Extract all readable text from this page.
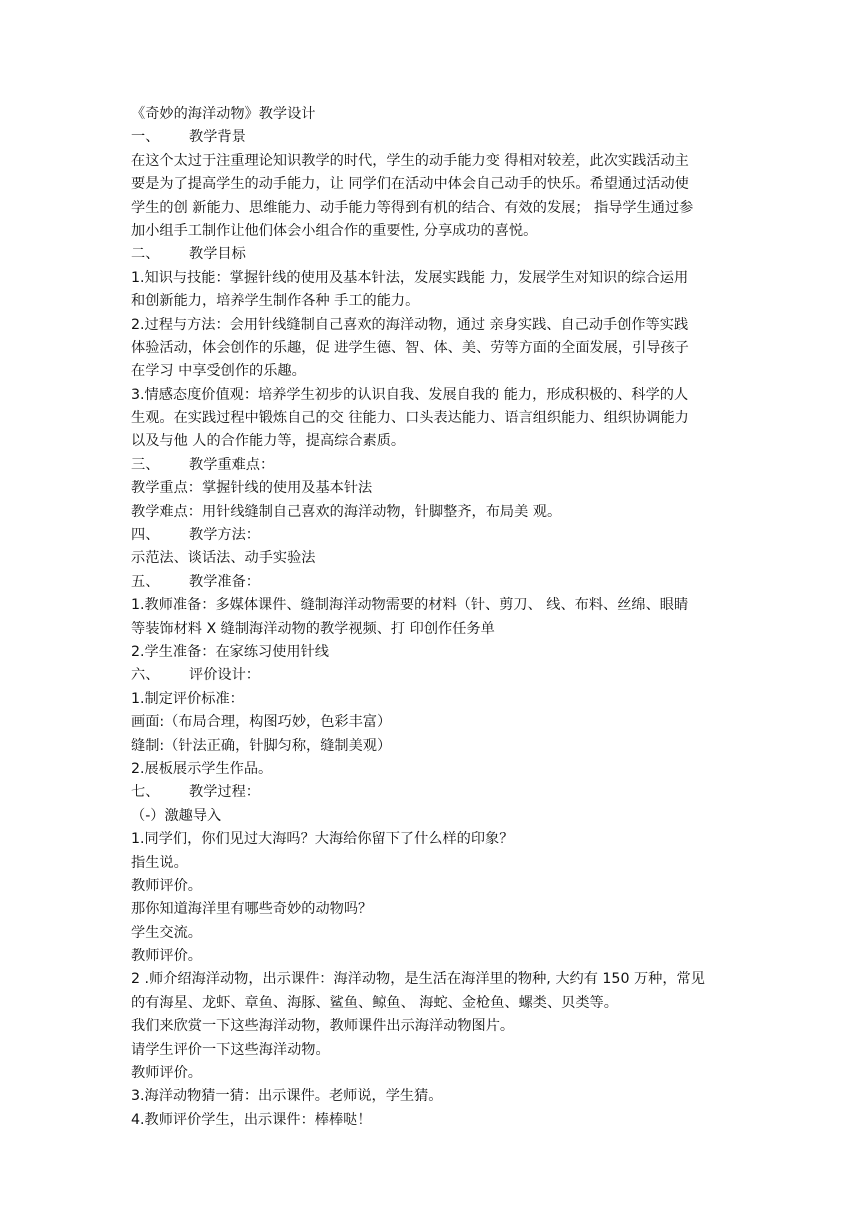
《奇妙的海洋动物》教学设计
一、	教学背景
在这个太过于注重理论知识教学的时代，学生的动手能力变 得相对较差，此次实践活动主
要是为了提高学生的动手能力，让 同学们在活动中体会自己动手的快乐。希望通过活动使
学生的创 新能力、思维能力、动手能力等得到有机的结合、有效的发展； 指导学生通过参
加小组手工制作让他们体会小组合作的重要性, 分享成功的喜悦。
二、	教学目标
1.知识与技能：掌握针线的使用及基本针法，发展实践能 力，发展学生对知识的综合运用
和创新能力，培养学生制作各种 手工的能力。
2.过程与方法：会用针线缝制自己喜欢的海洋动物，通过 亲身实践、自己动手创作等实践
体验活动，体会创作的乐趣，促 进学生德、智、体、美、劳等方面的全面发展，引导孩子
在学习 中享受创作的乐趣。
3.情感态度价值观：培养学生初步的认识自我、发展自我的 能力，形成积极的、科学的人
生观。在实践过程中锻炼自己的交 往能力、口头表达能力、语言组织能力、组织协调能力
以及与他 人的合作能力等，提高综合素质。
三、	教学重难点：
教学重点：掌握针线的使用及基本针法
教学难点：用针线缝制自己喜欢的海洋动物，针脚整齐，布局美 观。
四、	教学方法：
示范法、谈话法、动手实验法
五、	教学准备：
1.教师准备：多媒体课件、缝制海洋动物需要的材料（针、剪刀、 线、布料、丝绵、眼睛
等装饰材料 X 缝制海洋动物的教学视频、打 印创作任务单
2.学生准备：在家练习使用针线
六、	评价设计：
1.制定评价标准：
画面:（布局合理，构图巧妙，色彩丰富）
缝制:（针法正确，针脚匀称，缝制美观）
2.展板展示学生作品。
七、	教学过程：
（-）激趣导入
1.同学们，你们见过大海吗？大海给你留下了什么样的印象？
指生说。
教师评价。
那你知道海洋里有哪些奇妙的动物吗？
学生交流。
教师评价。
2 .师介绍海洋动物，出示课件：海洋动物，是生活在海洋里的物种, 大约有 150 万种，常见
的有海星、龙虾、章鱼、海豚、鲨鱼、鲸鱼、 海蛇、金枪鱼、螺类、贝类等。
我们来欣赏一下这些海洋动物，教师课件出示海洋动物图片。
请学生评价一下这些海洋动物。
教师评价。
3.海洋动物猜一猜：出示课件。老师说，学生猜。
4.教师评价学生，出示课件：棒棒哒！
